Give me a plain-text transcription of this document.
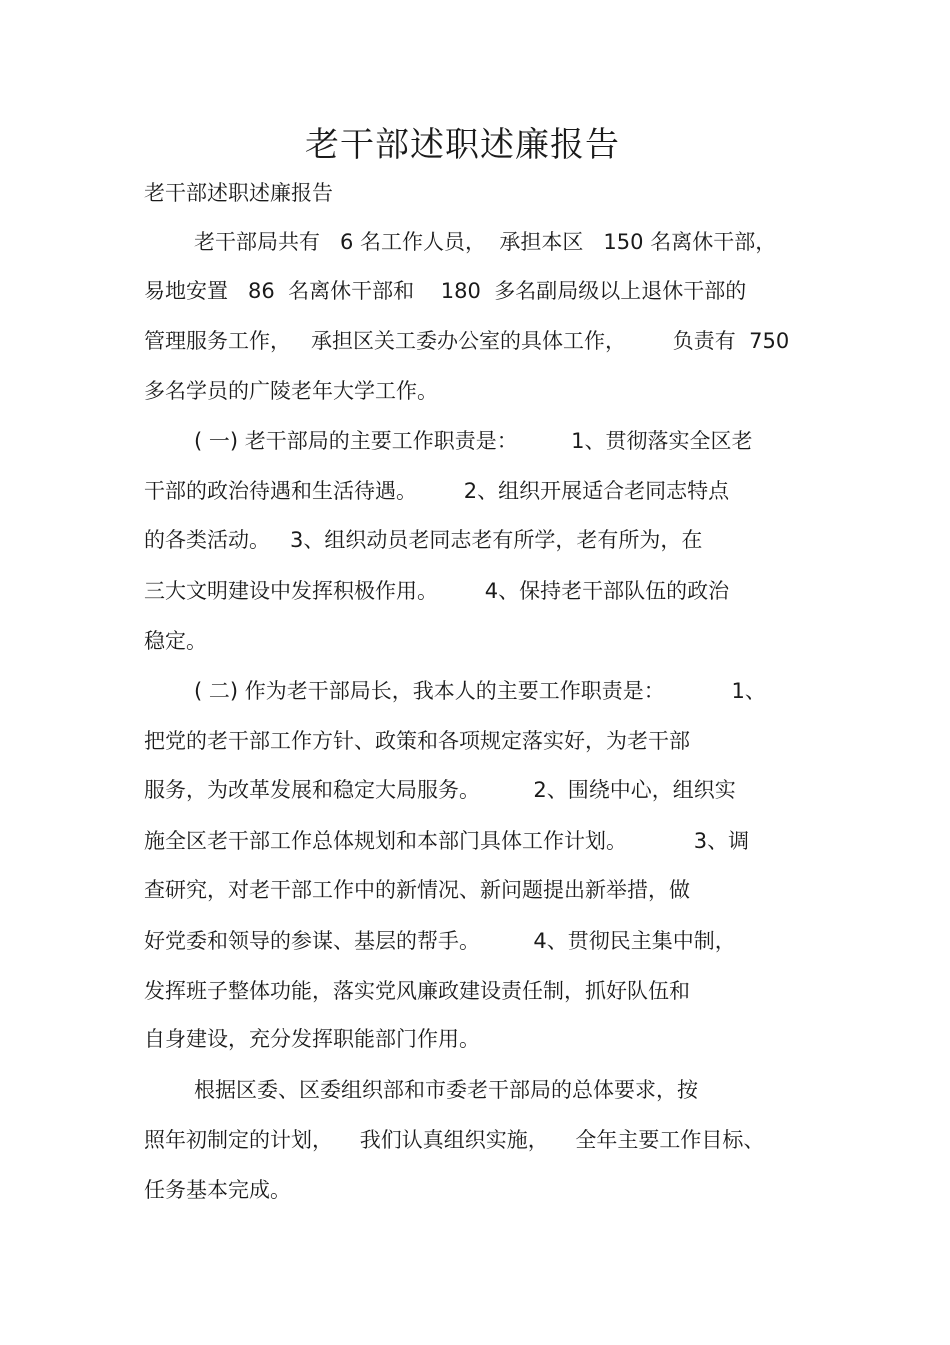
老干部述职述廉报告
老干部述职述廉报告
老干部局共有   6 名工作人员，  承担本区   150 名离休干部，
易地安置   86  名离休干部和    180  多名副局级以上退休干部的
管理服务工作，   承担区关工委办公室的具体工作，       负责有  750
多名学员的广陵老年大学工作。
( 一) 老干部局的主要工作职责是：        1、贯彻落实全区老
干部的政治待遇和生活待遇。       2、组织开展适合老同志特点
的各类活动。   3、组织动员老同志老有所学，老有所为，在
三大文明建设中发挥积极作用。       4、保持老干部队伍的政治
稳定。
( 二) 作为老干部局长，我本人的主要工作职责是：          1、
把党的老干部工作方针、政策和各项规定落实好，为老干部
服务，为改革发展和稳定大局服务。        2、围绕中心，组织实
施全区老干部工作总体规划和本部门具体工作计划。          3、调
查研究，对老干部工作中的新情况、新问题提出新举措，做
好党委和领导的参谋、基层的帮手。        4、贯彻民主集中制，
发挥班子整体功能，落实党风廉政建设责任制，抓好队伍和
自身建设，充分发挥职能部门作用。
根据区委、区委组织部和市委老干部局的总体要求，按
照年初制定的计划，    我们认真组织实施，    全年主要工作目标、
任务基本完成。
